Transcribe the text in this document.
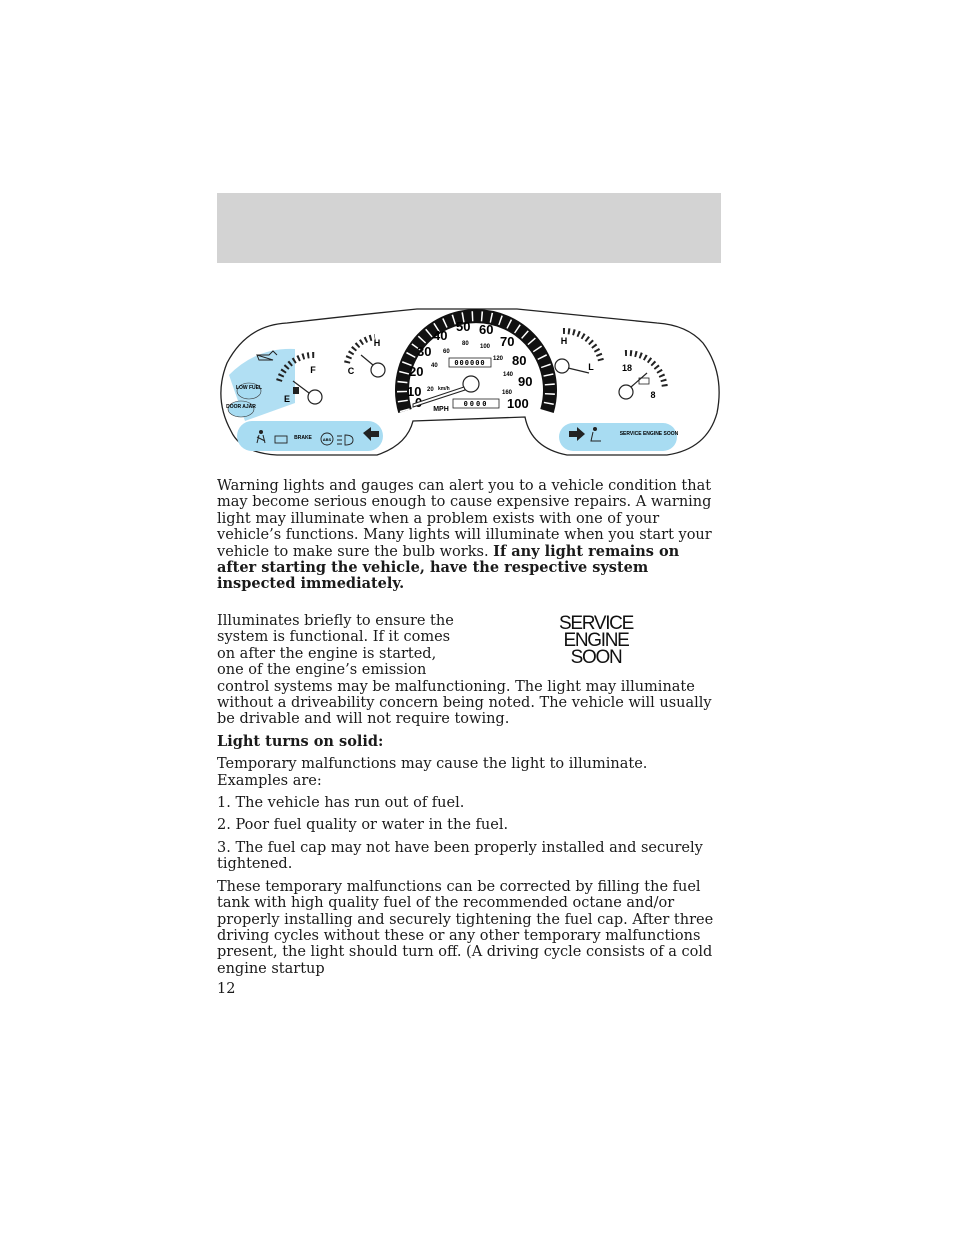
LOW FUEL
DOOR AJAR
BRAKE	ABS
SERVICE ENGINE SOON
F
E
H
C
10
20
30
40
50 60
70
80
90
100
20
40
60
80 100
120
140
160
km/h
000000
0000
MPH
H
L	18
8

Warning lights and gauges can alert you to a vehicle condition that may become serious enough to cause expensive repairs. A warning light may illuminate when a problem exists with one of your vehicle’s functions. Many lights will illuminate when you start your vehicle to make sure the bulb works. If any light remains on after starting the vehicle, have the respective system inspected immediately.

SERVICE
ENGINE
SOON

Illuminates briefly to ensure the system is functional. If it comes on after the engine is started, one of the engine’s emission control systems may be malfunctioning. The light may illuminate without a driveability concern being noted. The vehicle will usually be drivable and will not require towing.

Light turns on solid:

Temporary malfunctions may cause the light to illuminate. Examples are:

1. The vehicle has run out of fuel.

2. Poor fuel quality or water in the fuel.

3. The fuel cap may not have been properly installed and securely tightened.

These temporary malfunctions can be corrected by filling the fuel tank with high quality fuel of the recommended octane and/or properly installing and securely tightening the fuel cap. After three driving cycles without these or any other temporary malfunctions present, the light should turn off. (A driving cycle consists of a cold engine startup

12
